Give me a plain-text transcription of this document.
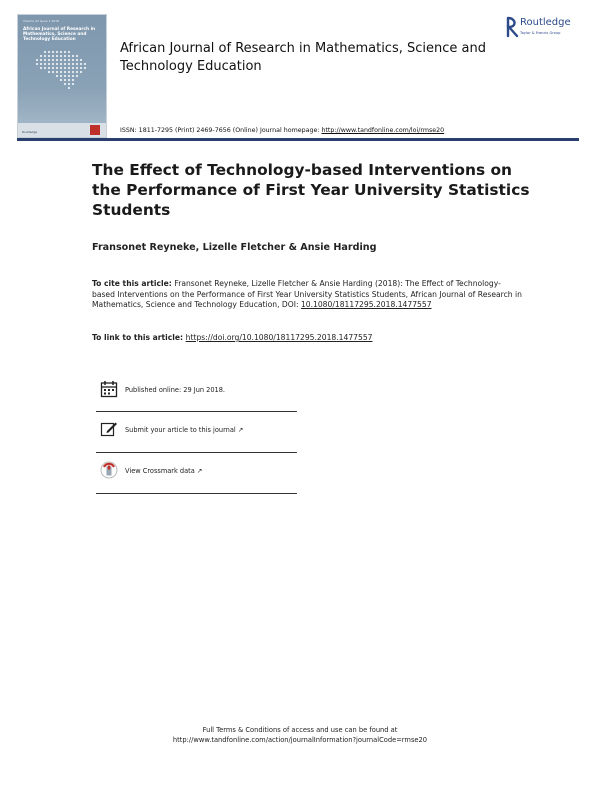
Volume 22 Issue 1 2018
African Journal of Research in Mathematics, Science and Technology Education
Routledge
African Journal of Research in Mathematics, Science and Technology Education
Routledge
Taylor & Francis Group
ISSN: 1811-7295 (Print) 2469-7656 (Online) Journal homepage: http://www.tandfonline.com/loi/rmse20
The Effect of Technology-based Interventions on the Performance of First Year University Statistics Students
Fransonet Reyneke, Lizelle Fletcher & Ansie Harding
To cite this article: Fransonet Reyneke, Lizelle Fletcher & Ansie Harding (2018): The Effect of Technology-based Interventions on the Performance of First Year University Statistics Students, African Journal of Research in Mathematics, Science and Technology Education, DOI: 10.1080/18117295.2018.1477557
To link to this article: https://doi.org/10.1080/18117295.2018.1477557
Published online: 29 Jun 2018.
Submit your article to this journal ↗
View Crossmark data ↗
Full Terms & Conditions of access and use can be found at
http://www.tandfonline.com/action/journalInformation?journalCode=rmse20
